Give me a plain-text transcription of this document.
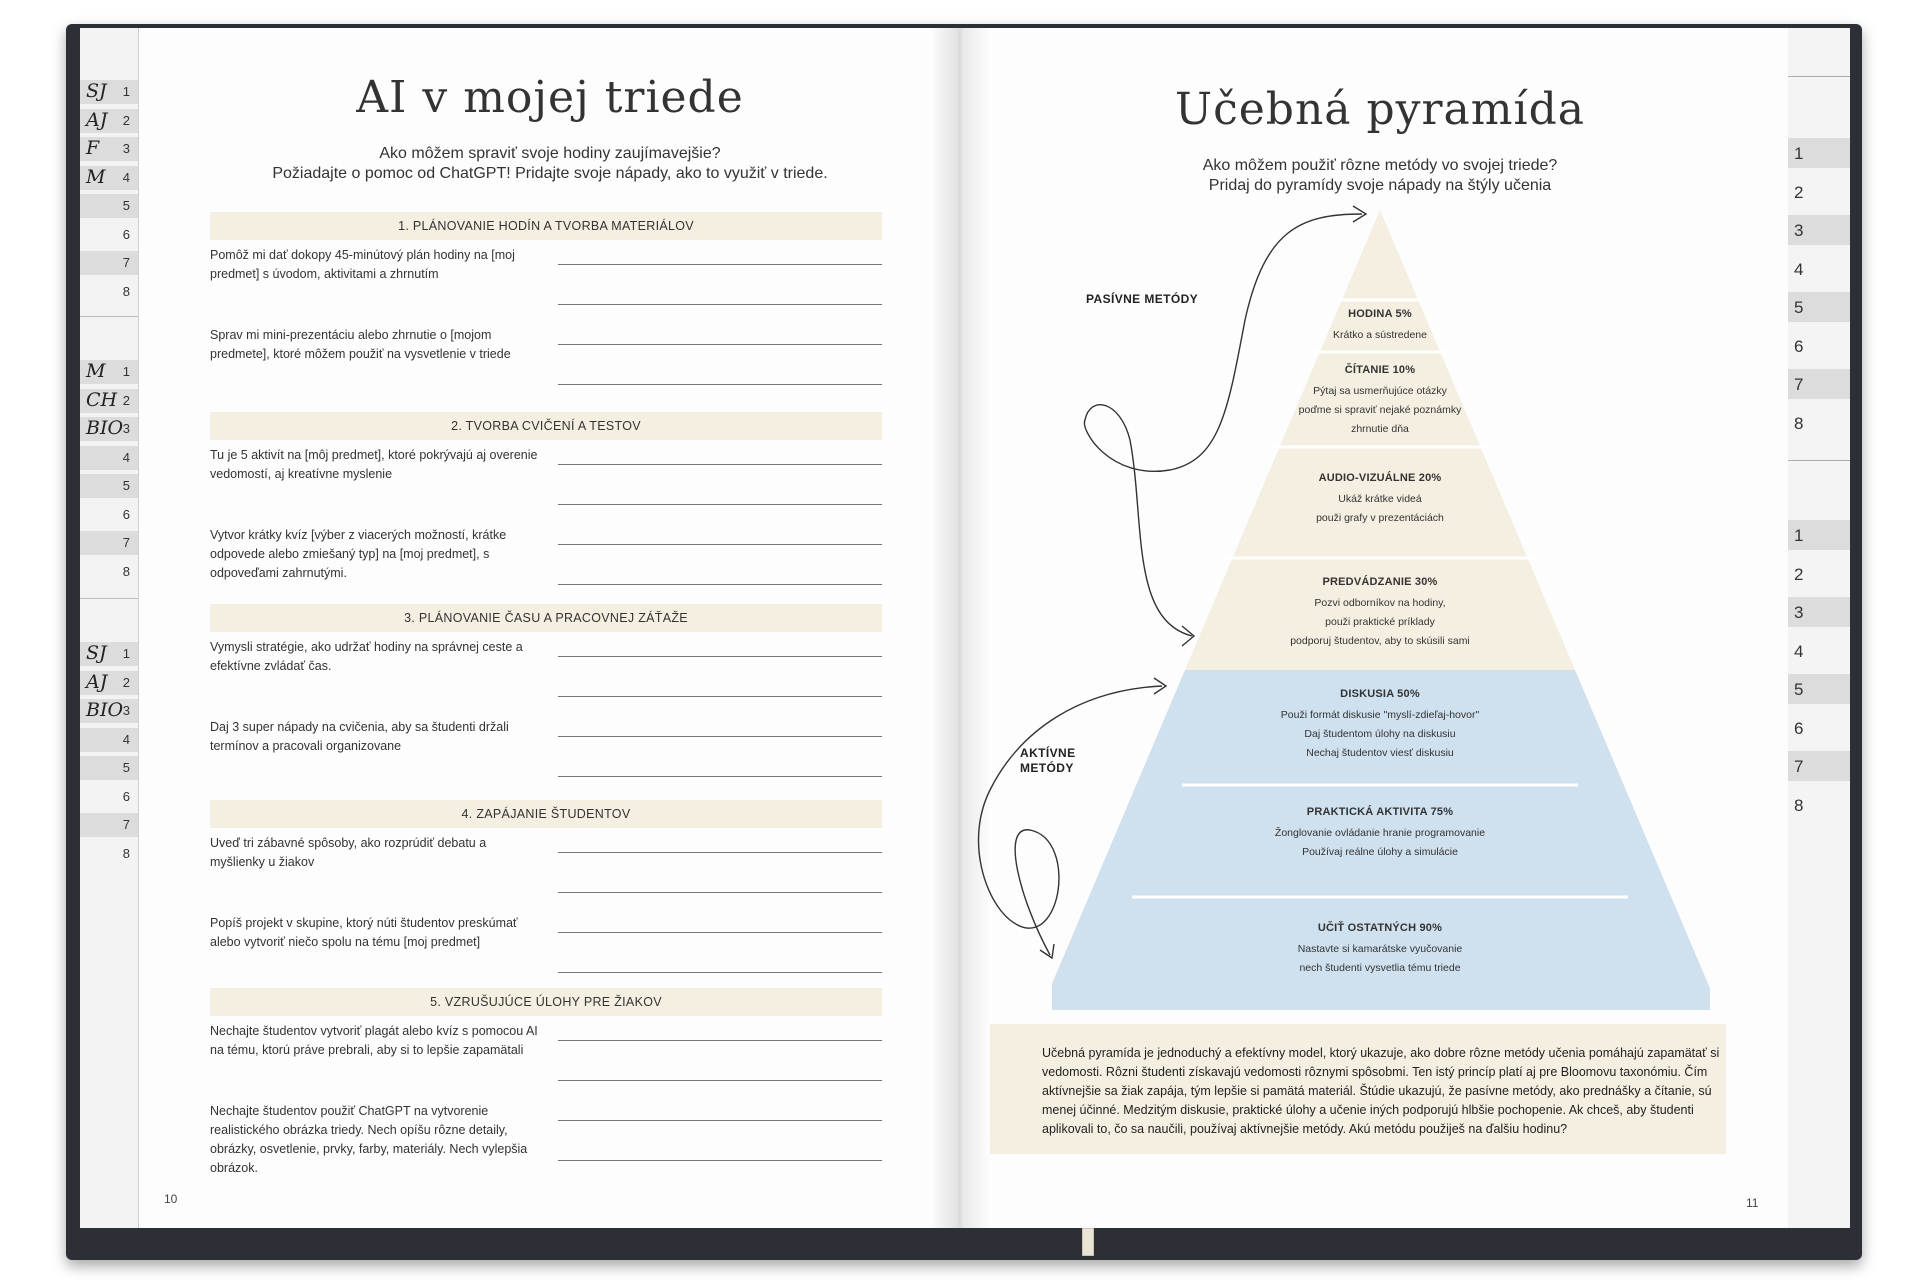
SJ 1
AJ 2
F 3
M 4
5
6
7
8
M 1
CH 2
BIO 3
4
5
6
7
8
SJ 1
AJ 2
BIO 3
4
5
6
7
8
1
2
3
4
5
6
7
8
1
2
3
4
5
6
7
8
AI v mojej triede
Ako môžem spraviť svoje hodiny zaujímavejšie?
Požiadajte o pomoc od ChatGPT! Pridajte svoje nápady, ako to využiť v triede.
1. PLÁNOVANIE HODÍN A TVORBA MATERIÁLOV
Pomôž mi dať dokopy 45-minútový plán hodiny na [moj predmet] s úvodom, aktivitami a zhrnutím
Sprav mi mini-prezentáciu alebo zhrnutie o [mojom predmete], ktoré môžem použiť na vysvetlenie v triede
2. TVORBA CVIČENÍ A TESTOV
Tu je 5 aktivít na [môj predmet], ktoré pokrývajú aj overenie vedomostí, aj kreatívne myslenie
Vytvor krátky kvíz [výber z viacerých možností, krátke odpovede alebo zmiešaný typ] na [moj predmet], s odpoveďami zahrnutými.
3. PLÁNOVANIE ČASU A PRACOVNEJ ZÁŤAŽE
Vymysli stratégie, ako udržať hodiny na správnej ceste a efektívne zvládať čas.
Daj 3 super nápady na cvičenia, aby sa študenti držali termínov a pracovali organizovane
4. ZAPÁJANIE ŠTUDENTOV
Uveď tri zábavné spôsoby, ako rozprúdiť debatu a myšlienky u žiakov
Popíš projekt v skupine, ktorý núti študentov preskúmať alebo vytvoriť niečo spolu na tému [moj predmet]
5. VZRUŠUJÚCE ÚLOHY PRE ŽIAKOV
Nechajte študentov vytvoriť plagát alebo kvíz s pomocou AI na tému, ktorú práve prebrali, aby si to lepšie zapamätali
Nechajte študentov použiť ChatGPT na vytvorenie realistického obrázka triedy. Nech opíšu rôzne detaily, obrázky, osvetlenie, prvky, farby, materiály. Nech vylepšia obrázok.
10
Učebná pyramída
Ako môžem použiť rôzne metódy vo svojej triede?
Pridaj do pyramídy svoje nápady na štýly učenia
PASÍVNE METÓDY
AKTÍVNE
METÓDY
HODINA 5%
Krátko a sústredene
ČÍTANIE 10%
Pýtaj sa usmerňujúce otázky
poďme si spraviť nejaké poznámky
zhrnutie dňa
AUDIO-VIZUÁLNE 20%
Ukáž krátke videá
použi grafy v prezentáciách
PREDVÁDZANIE 30%
Pozvi odborníkov na hodiny,
použi praktické príklady
podporuj študentov, aby to skúsili sami
DISKUSIA 50%
Použi formát diskusie "myslí-zdieľaj-hovor"
Daj študentom úlohy na diskusiu
Nechaj študentov viesť diskusiu
PRAKTICKÁ AKTIVITA 75%
Žonglovanie ovládanie hranie programovanie
Používaj reálne úlohy a simulácie
UČIŤ OSTATNÝCH 90%
Nastavte si kamarátske vyučovanie
nech študenti vysvetlia tému triede

Učebná pyramída je jednoduchý a efektívny model, ktorý ukazuje, ako dobre rôzne metódy učenia pomáhajú zapamätať si vedomosti. Rôzni študenti získavajú vedomosti rôznymi spôsobmi. Ten istý princíp platí aj pre Bloomovu taxonómiu. Čím aktívnejšie sa žiak zapája, tým lepšie si pamätá materiál. Štúdie ukazujú, že pasívne metódy, ako prednášky a čítanie, sú menej účinné. Medzitým diskusie, praktické úlohy a učenie iných podporujú hlbšie pochopenie. Ak chceš, aby študenti aplikovali to, čo sa naučili, používaj aktívnejšie metódy. Akú metódu použiješ na ďalšiu hodinu?

11
